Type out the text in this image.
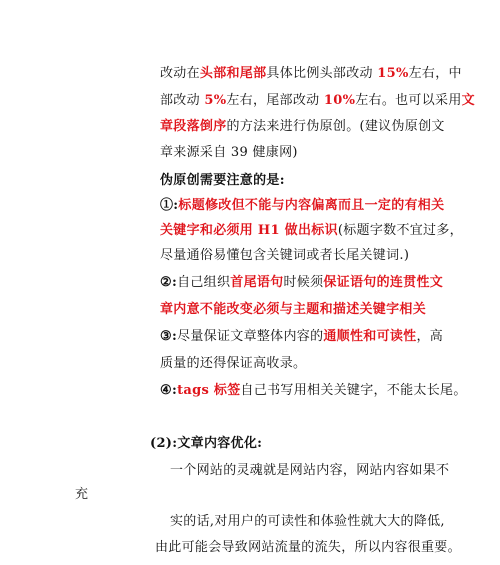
改动在头部和尾部具体比例头部改动 15%左右，中
部改动 5%左右，尾部改动 10%左右。也可以采用文
章段落倒序的方法来进行伪原创。(建议伪原创文
章来源采自 39 健康网)
伪原创需要注意的是:
①:标题修改但不能与内容偏离而且一定的有相关
关键字和必须用 H1 做出标识(标题字数不宜过多，
尽量通俗易懂包含关键词或者长尾关键词.)
②:自己组织首尾语句时候须保证语句的连贯性文
章内意不能改变必须与主题和描述关键字相关
③:尽量保证文章整体内容的通顺性和可读性，高
质量的还得保证高收录。
④:tags 标签自己书写用相关关键字，不能太长尾。
(2):文章内容优化:
一个网站的灵魂就是网站内容，网站内容如果不
充
实的话,对用户的可读性和体验性就大大的降低,
由此可能会导致网站流量的流失，所以内容很重要。
